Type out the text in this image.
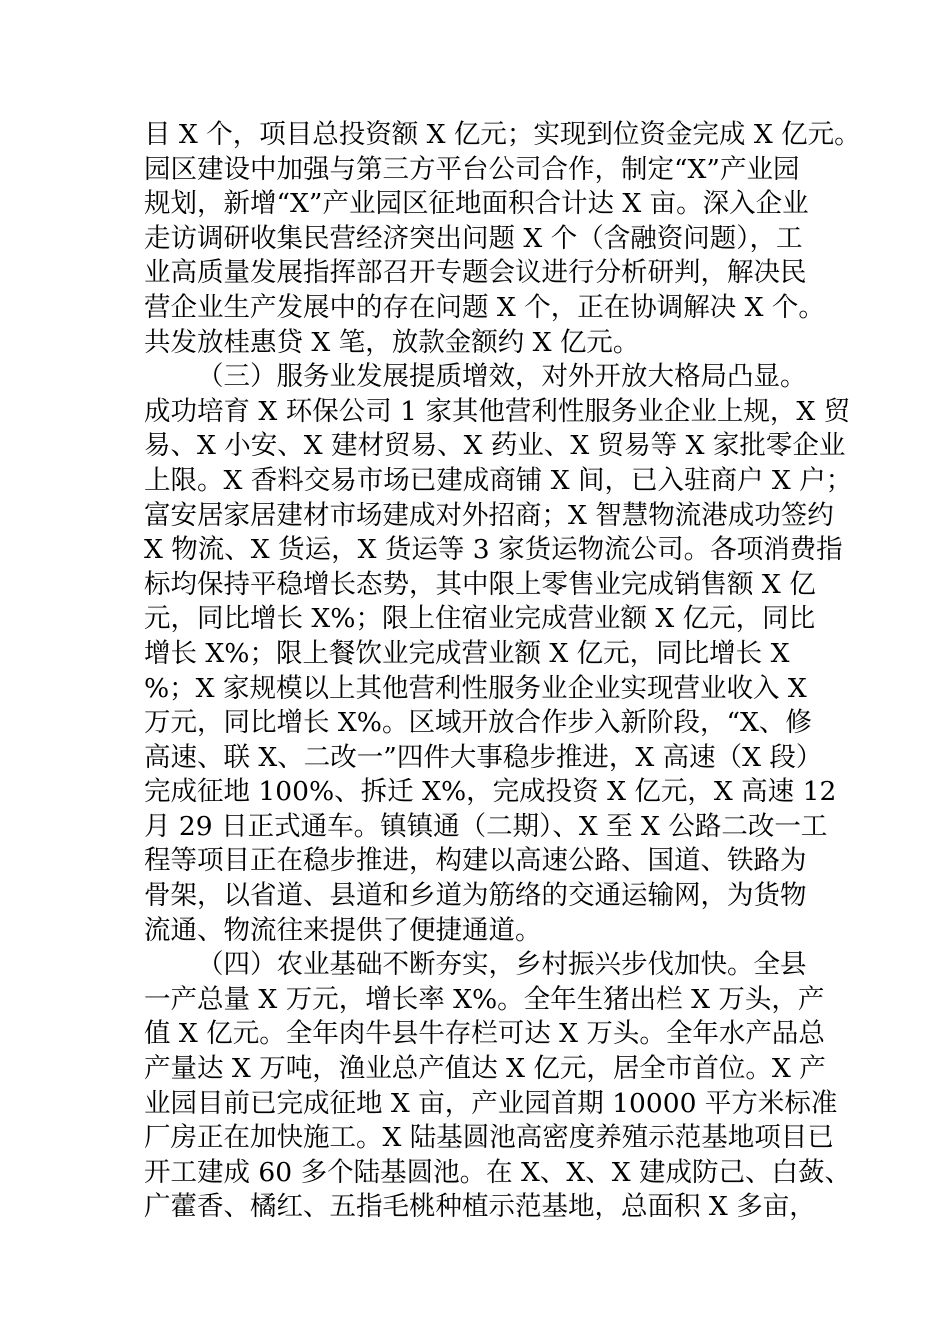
目 X 个，项目总投资额 X 亿元；实现到位资金完成 X 亿元。
园区建设中加强与第三方平台公司合作，制定“X”产业园
规划，新增“X”产业园区征地面积合计达 X 亩。深入企业
走访调研收集民营经济突出问题 X 个（含融资问题），工
业高质量发展指挥部召开专题会议进行分析研判，解决民
营企业生产发展中的存在问题 X 个，正在协调解决 X 个。
共发放桂惠贷 X 笔，放款金额约 X 亿元。
（三）服务业发展提质增效，对外开放大格局凸显。
成功培育 X 环保公司 1 家其他营利性服务业企业上规，X 贸
易、X 小安、X 建材贸易、X 药业、X 贸易等 X 家批零企业
上限。X 香料交易市场已建成商铺 X 间，已入驻商户 X 户；
富安居家居建材市场建成对外招商；X 智慧物流港成功签约
X 物流、X 货运，X 货运等 3 家货运物流公司。各项消费指
标均保持平稳增长态势，其中限上零售业完成销售额 X 亿
元，同比增长 X%；限上住宿业完成营业额 X 亿元，同比
增长 X%；限上餐饮业完成营业额 X 亿元，同比增长 X
%；X 家规模以上其他营利性服务业企业实现营业收入 X
万元，同比增长 X%。区域开放合作步入新阶段，“X、修
高速、联 X、二改一”四件大事稳步推进，X 高速（X 段）
完成征地 100%、拆迁 X%，完成投资 X 亿元，X 高速 12
月 29 日正式通车。镇镇通（二期）、X 至 X 公路二改一工
程等项目正在稳步推进，构建以高速公路、国道、铁路为
骨架，以省道、县道和乡道为筋络的交通运输网，为货物
流通、物流往来提供了便捷通道。
（四）农业基础不断夯实，乡村振兴步伐加快。全县
一产总量 X 万元，增长率 X%。全年生猪出栏 X 万头，产
值 X 亿元。全年肉牛县牛存栏可达 X 万头。全年水产品总
产量达 X 万吨，渔业总产值达 X 亿元，居全市首位。X 产
业园目前已完成征地 X 亩，产业园首期 10000 平方米标准
厂房正在加快施工。X 陆基圆池高密度养殖示范基地项目已
开工建成 60 多个陆基圆池。在 X、X、X 建成防己、白蔹、
广藿香、橘红、五指毛桃种植示范基地，总面积 X 多亩，
